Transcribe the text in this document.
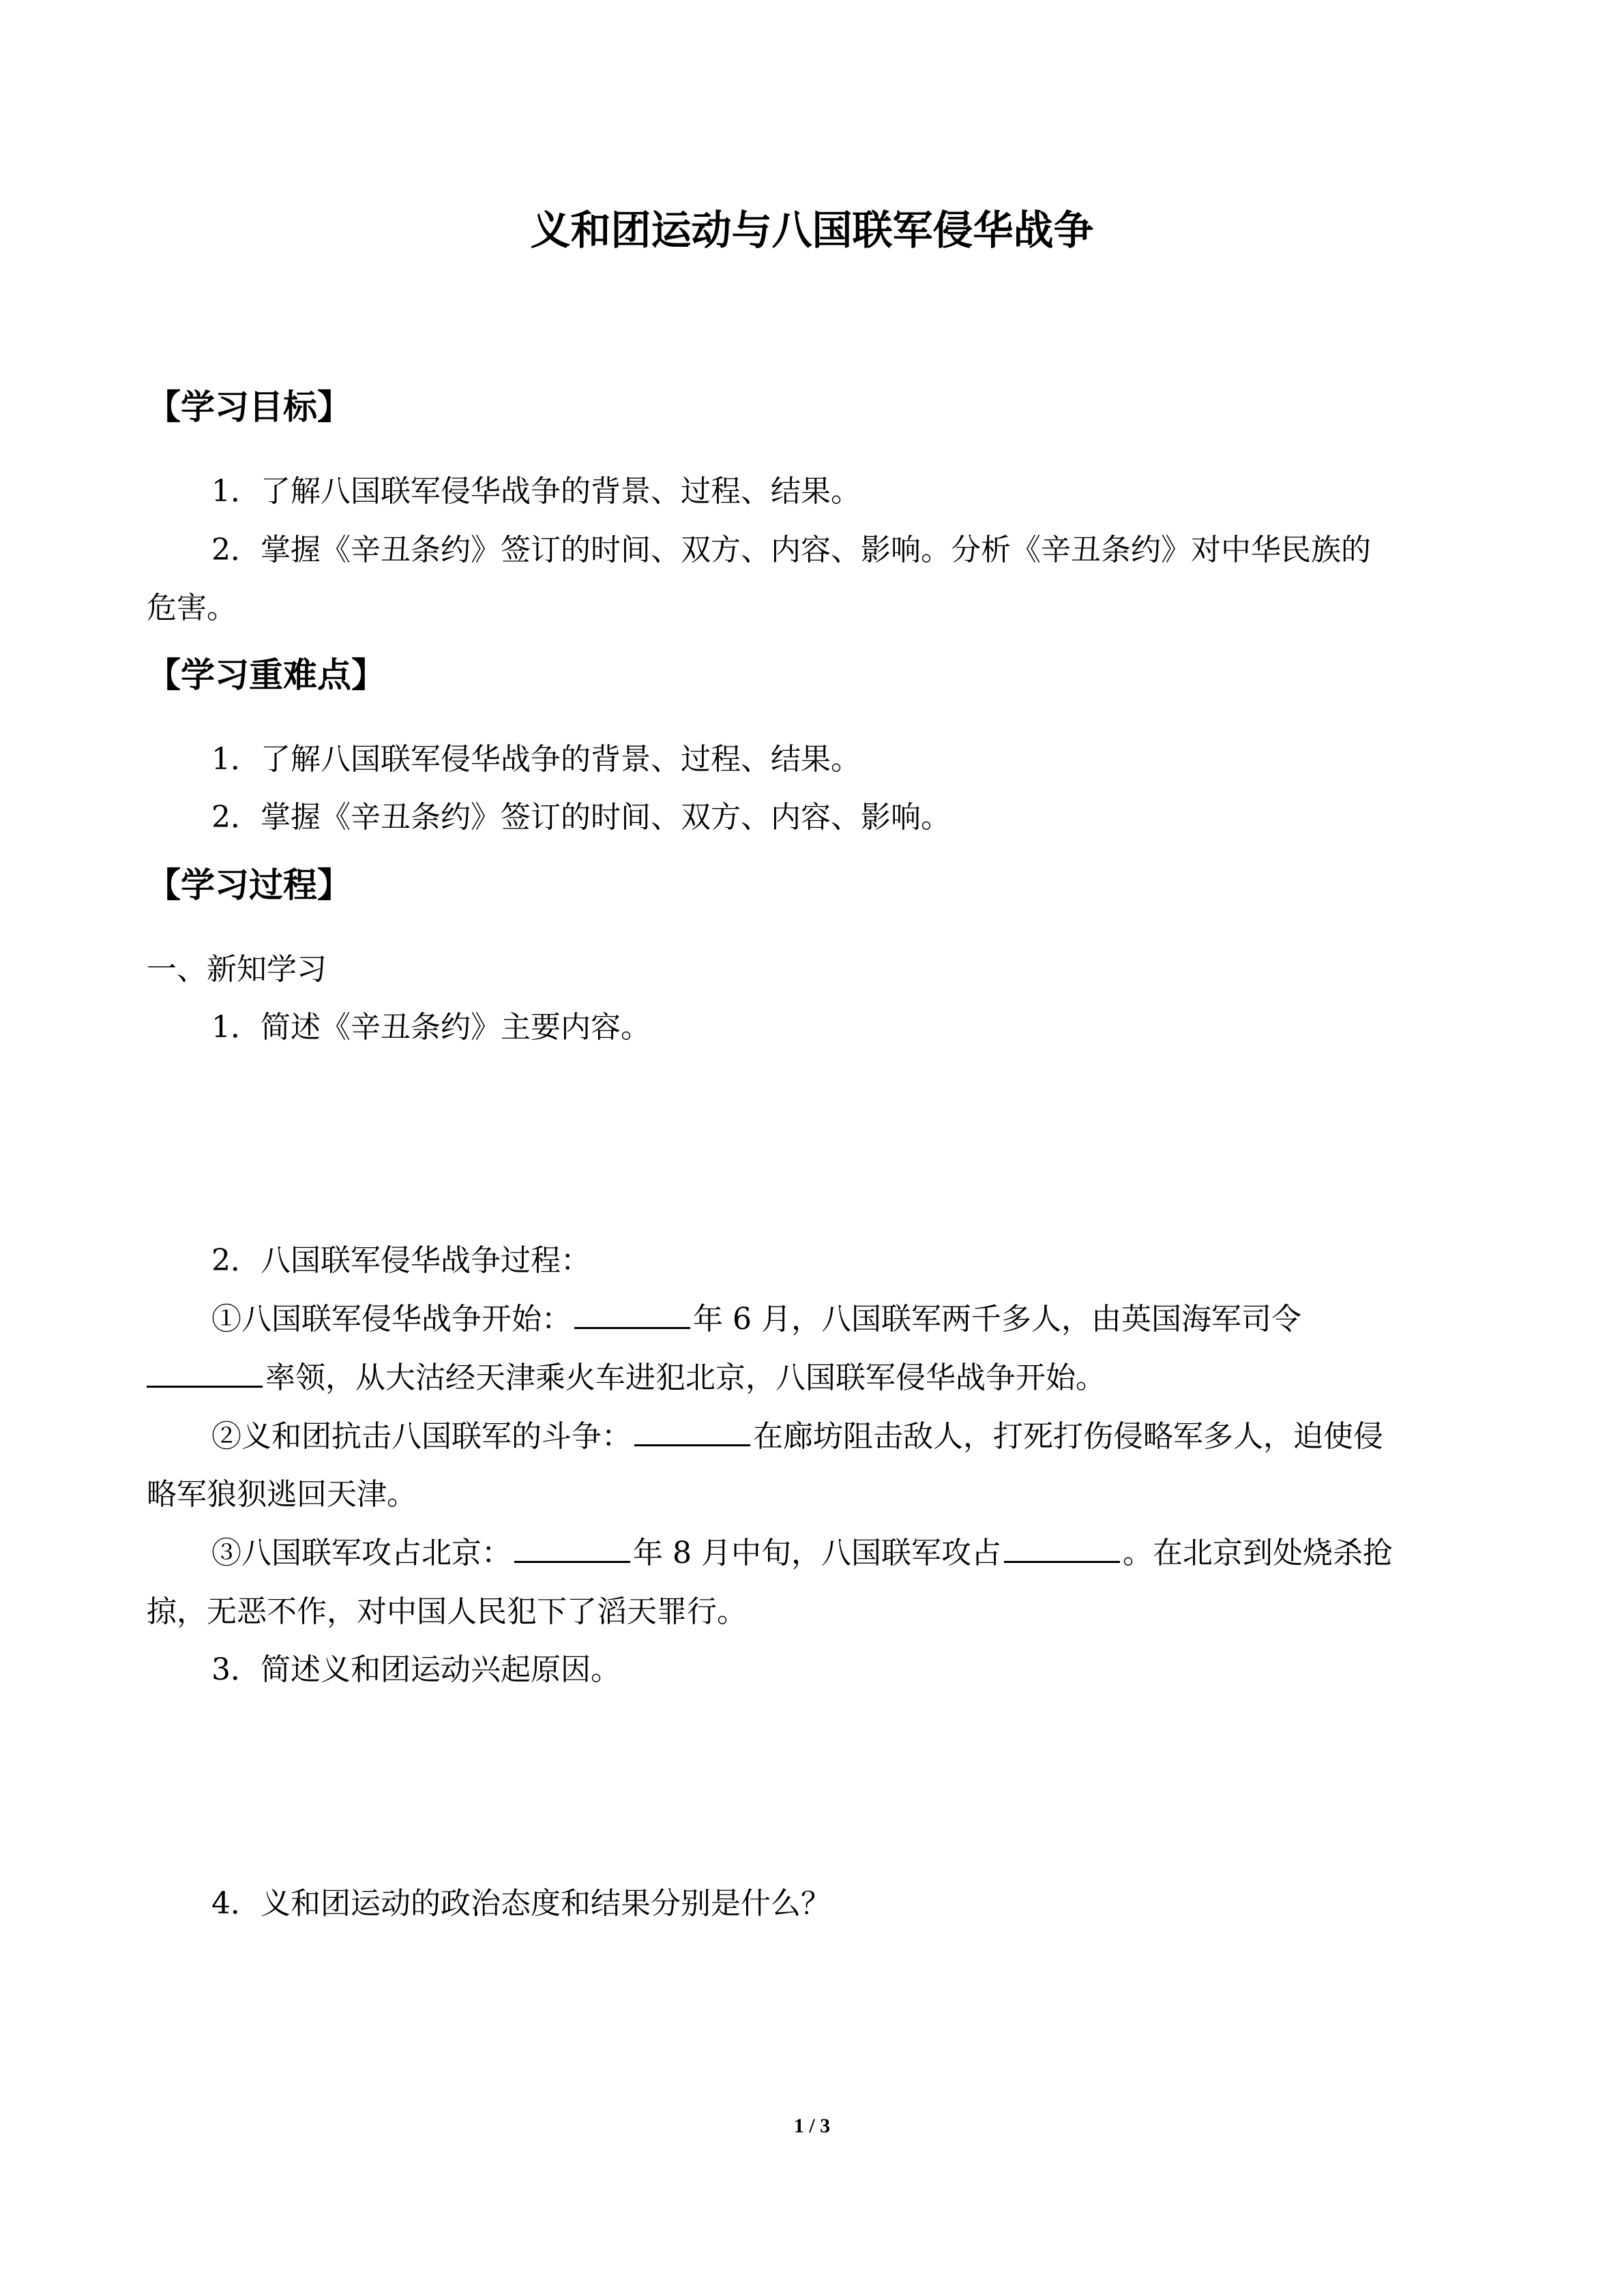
义和团运动与八国联军侵华战争
【学习目标】
1．了解八国联军侵华战争的背景、过程、结果。
2．掌握《辛丑条约》签订的时间、双方、内容、影响。分析《辛丑条约》对中华民族的
危害。
【学习重难点】
1．了解八国联军侵华战争的背景、过程、结果。
2．掌握《辛丑条约》签订的时间、双方、内容、影响。
【学习过程】
一、新知学习
1．简述《辛丑条约》主要内容。
2．八国联军侵华战争过程：
①八国联军侵华战争开始：	年 6 月，八国联军两千多人，由英国海军司令
率领，从大沽经天津乘火车进犯北京，八国联军侵华战争开始。
②义和团抗击八国联军的斗争：	在廊坊阻击敌人，打死打伤侵略军多人，迫使侵
略军狼狈逃回天津。
③八国联军攻占北京：	年 8 月中旬，八国联军攻占	。在北京到处烧杀抢
掠，无恶不作，对中国人民犯下了滔天罪行。
3．简述义和团运动兴起原因。
4．义和团运动的政治态度和结果分别是什么？
1 / 3
